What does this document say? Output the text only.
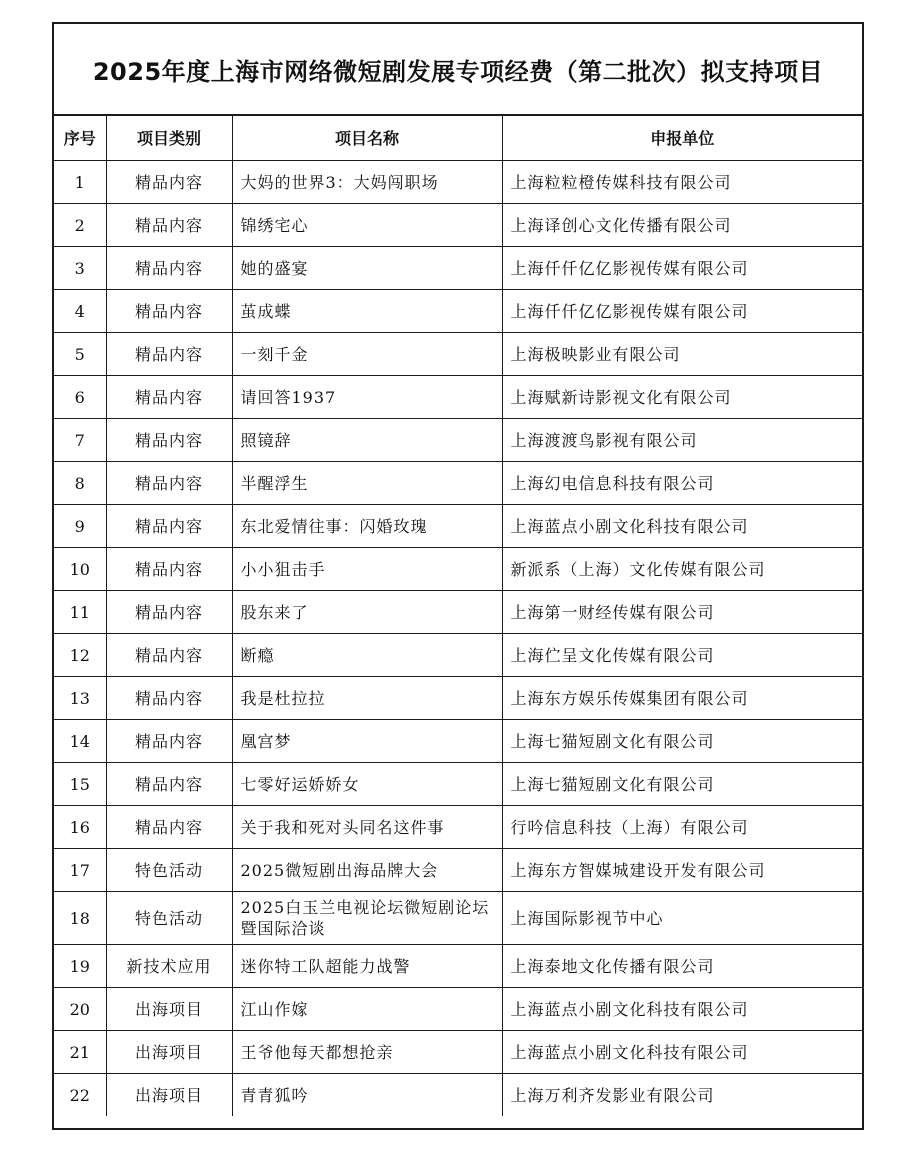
2025年度上海市网络微短剧发展专项经费（第二批次）拟支持项目
序号	项目类别	项目名称	申报单位
1	精品内容	大妈的世界3：大妈闯职场	上海粒粒橙传媒科技有限公司
2	精品内容	锦绣宅心	上海译创心文化传播有限公司
3	精品内容	她的盛宴	上海仟仟亿亿影视传媒有限公司
4	精品内容	茧成蝶	上海仟仟亿亿影视传媒有限公司
5	精品内容	一刻千金	上海极映影业有限公司
6	精品内容	请回答1937	上海赋新诗影视文化有限公司
7	精品内容	照镜辞	上海渡渡鸟影视有限公司
8	精品内容	半醒浮生	上海幻电信息科技有限公司
9	精品内容	东北爱情往事：闪婚玫瑰	上海蓝点小剧文化科技有限公司
10	精品内容	小小狙击手	新派系（上海）文化传媒有限公司
11	精品内容	股东来了	上海第一财经传媒有限公司
12	精品内容	断瘾	上海伫呈文化传媒有限公司
13	精品内容	我是杜拉拉	上海东方娱乐传媒集团有限公司
14	精品内容	凰宫梦	上海七猫短剧文化有限公司
15	精品内容	七零好运娇娇女	上海七猫短剧文化有限公司
16	精品内容	关于我和死对头同名这件事	行吟信息科技（上海）有限公司
17	特色活动	2025微短剧出海品牌大会	上海东方智媒城建设开发有限公司
18	特色活动	2025白玉兰电视论坛微短剧论坛暨国际洽谈	上海国际影视节中心
19	新技术应用	迷你特工队超能力战警	上海泰地文化传播有限公司
20	出海项目	江山作嫁	上海蓝点小剧文化科技有限公司
21	出海项目	王爷他每天都想抢亲	上海蓝点小剧文化科技有限公司
22	出海项目	青青狐吟	上海万利齐发影业有限公司
